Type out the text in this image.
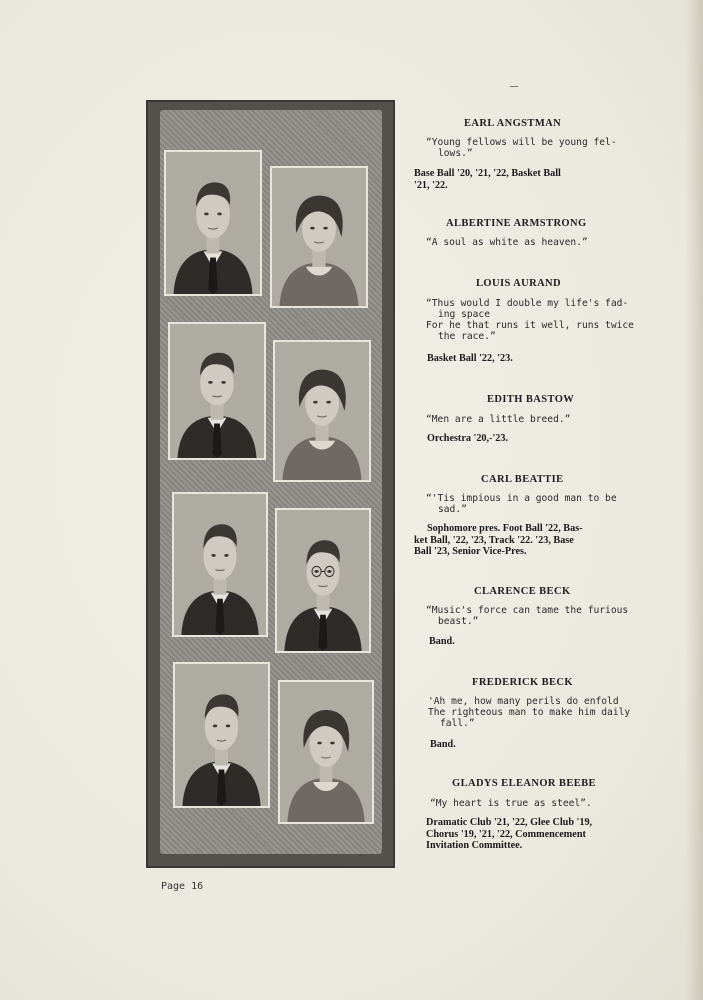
EARL ANGSTMAN
“Young fellows will be young fel-
lows.”
Base Ball '20, '21, '22, Basket Ball
'21, '22.
ALBERTINE ARMSTRONG
“A soul as white as heaven.”
LOUIS AURAND
“Thus would I double my life's fad-
ing space
For he that runs it well, runs twice
the race.”
Basket Ball '22, '23.
EDITH BASTOW
“Men are a little breed.”
Orchestra '20,-'23.
CARL BEATTIE
“'Tis impious in a good man to be
sad.”
Sophomore pres. Foot Ball '22, Bas-
ket Ball, '22, '23, Track '22. '23, Base
Ball '23, Senior Vice-Pres.
CLARENCE BECK
“Music's force can tame the furious
beast.”
Band.
FREDERICK BECK
'Ah me, how many perils do enfold
The righteous man to make him daily
fall.”
Band.
GLADYS ELEANOR BEEBE
“My heart is true as steel”.
Dramatic Club '21, '22, Glee Club '19,
Chorus '19, '21, '22, Commencement
Invitation Committee.
Page 16
